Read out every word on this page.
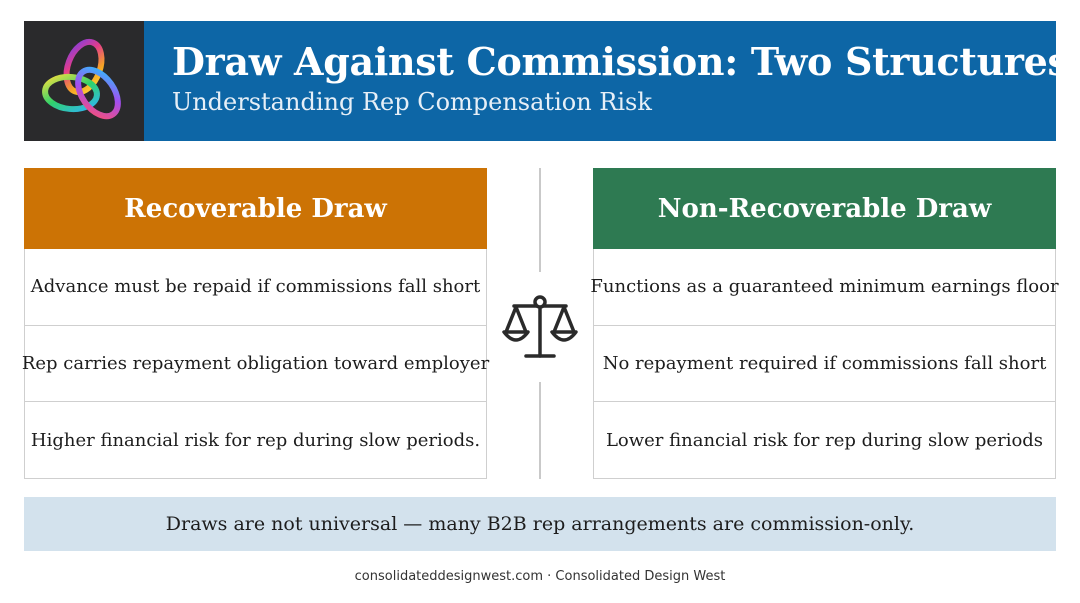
Draw Against Commission: Two Structures
Understanding Rep Compensation Risk
Recoverable Draw
Advance must be repaid if commissions fall short
Rep carries repayment obligation toward employer
Higher financial risk for rep during slow periods.
Non-Recoverable Draw
Functions as a guaranteed minimum earnings floor
No repayment required if commissions fall short
Lower financial risk for rep during slow periods
Draws are not universal — many B2B rep arrangements are commission-only.
consolidateddesignwest.com · Consolidated Design West
